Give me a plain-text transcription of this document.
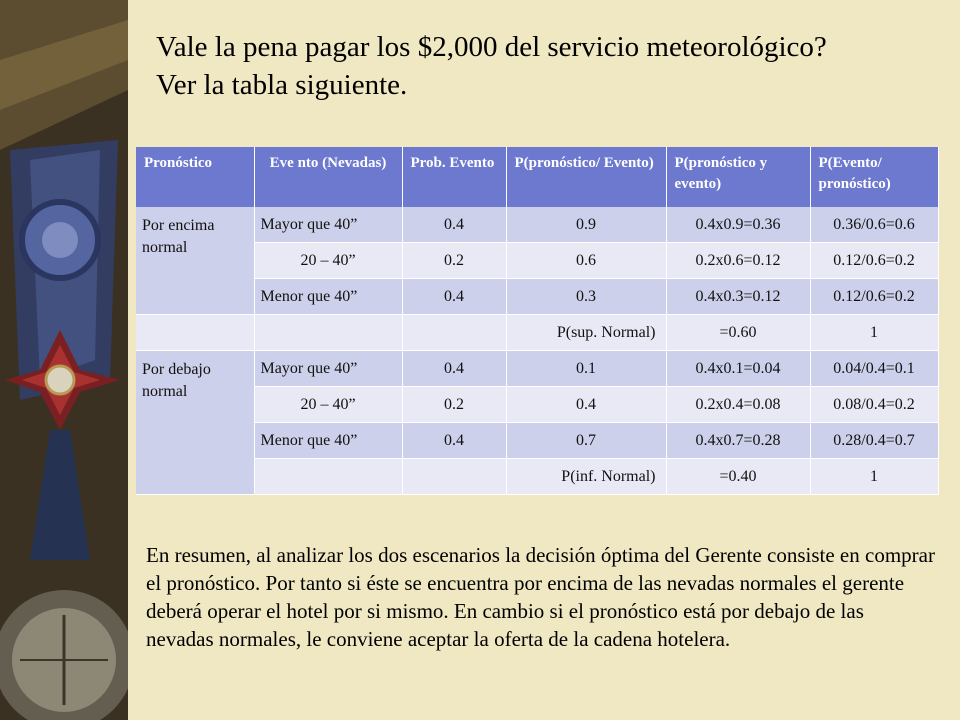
Vale la pena pagar los $2,000 del servicio meteorológico?
Ver la tabla siguiente.
Pronóstico	Eve nto (Nevadas)	Prob. Evento	P(pronóstico/ Evento)	P(pronóstico y evento)	P(Evento/ pronóstico)
Por encima normal	Mayor que 40”	0.4	0.9	0.4x0.9=0.36	0.36/0.6=0.6
	20 – 40”	0.2	0.6	0.2x0.6=0.12	0.12/0.6=0.2
	Menor que 40”	0.4	0.3	0.4x0.3=0.12	0.12/0.6=0.2
			P(sup. Normal)	=0.60	1
Por debajo normal	Mayor que 40”	0.4	0.1	0.4x0.1=0.04	0.04/0.4=0.1
	20 – 40”	0.2	0.4	0.2x0.4=0.08	0.08/0.4=0.2
	Menor que 40”	0.4	0.7	0.4x0.7=0.28	0.28/0.4=0.7
			P(inf. Normal)	=0.40	1
En resumen, al analizar los dos escenarios la decisión óptima del Gerente consiste en comprar el pronóstico. Por tanto si éste se encuentra por encima de las nevadas normales el gerente deberá operar el hotel por si mismo. En cambio si el pronóstico está por debajo de las nevadas normales, le conviene aceptar la oferta de la cadena hotelera.
